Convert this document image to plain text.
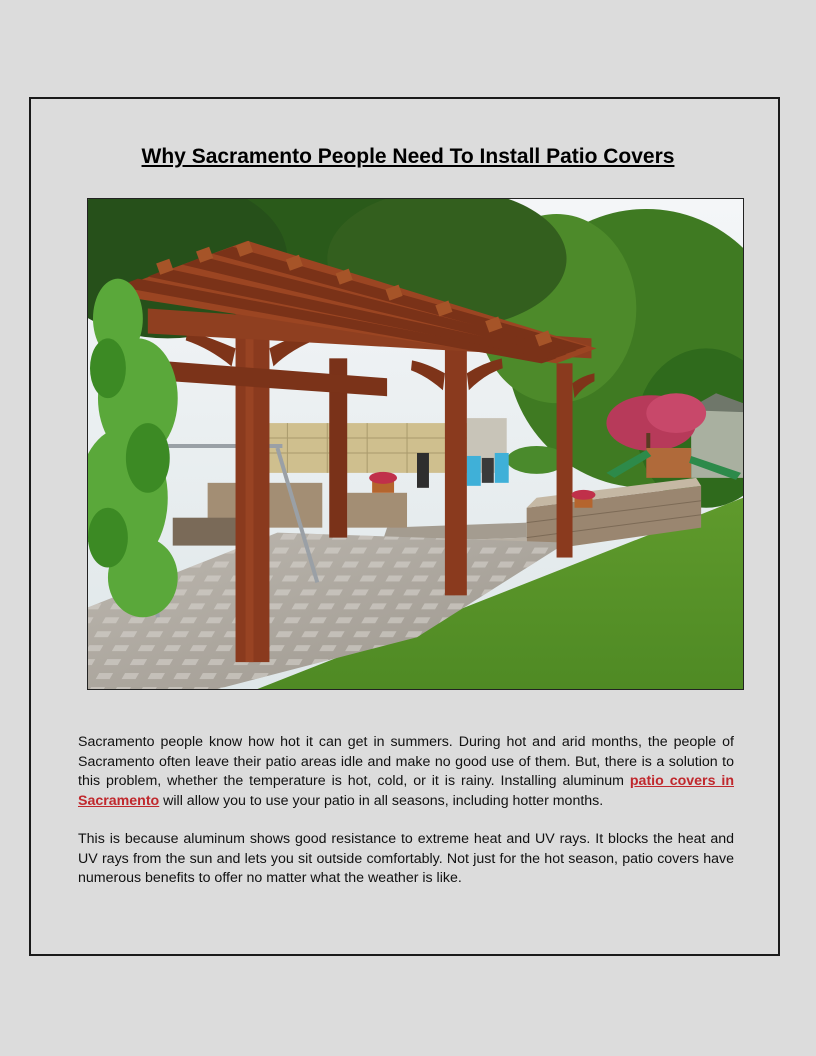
Why Sacramento People Need To Install Patio Covers

Sacramento people know how hot it can get in summers. During hot and arid months, the people of Sacramento often leave their patio areas idle and make no good use of them. But, there is a solution to this problem, whether the temperature is hot, cold, or it is rainy. Installing aluminum patio covers in Sacramento will allow you to use your patio in all seasons, including hotter months.

This is because aluminum shows good resistance to extreme heat and UV rays. It blocks the heat and UV rays from the sun and lets you sit outside comfortably. Not just for the hot season, patio covers have numerous benefits to offer no matter what the weather is like.
